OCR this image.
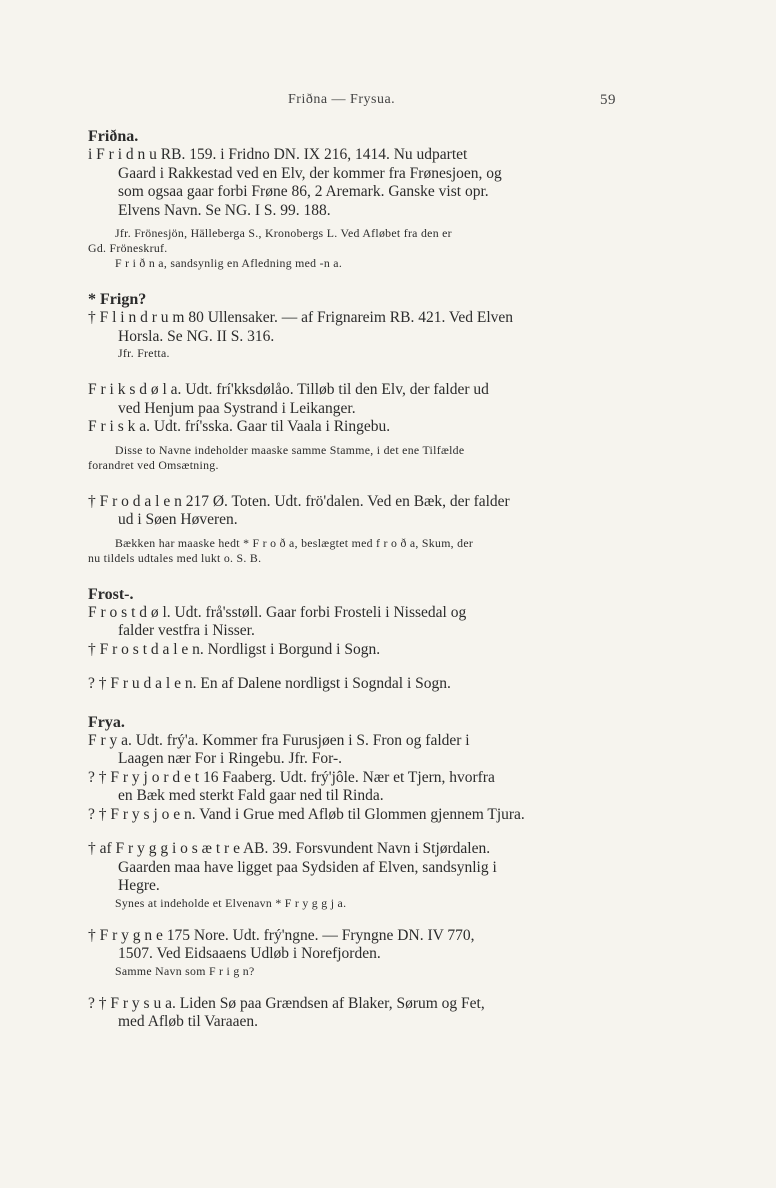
Friðna — Frysua.	59

Friðna.

i F r i d n u RB. 159. i Fridno DN. IX 216, 1414. Nu udpartet

Gaard i Rakkestad ved en Elv, der kommer fra Frønesjoen, og

som ogsaa gaar forbi Frøne 86, 2 Aremark. Ganske vist opr.

Elvens Navn. Se NG. I S. 99. 188.

Jfr. Frönesjön, Hälleberga S., Kronobergs L. Ved Afløbet fra den er

Gd. Fröneskruf.

F r i ð n a, sandsynlig en Afledning med -n a.

* Frign?

† F l i n d r u m 80 Ullensaker. — af Frignareim RB. 421. Ved Elven

Horsla. Se NG. II S. 316.

Jfr. Fretta.

F r i k s d ø l a. Udt. frí'kksdølåo. Tilløb til den Elv, der falder ud

ved Henjum paa Systrand i Leikanger.

F r i s k a. Udt. frí'sska. Gaar til Vaala i Ringebu.

Disse to Navne indeholder maaske samme Stamme, i det ene Tilfælde

forandret ved Omsætning.

† F r o d a l e n 217 Ø. Toten. Udt. frö'dalen. Ved en Bæk, der falder

ud i Søen Høveren.

Bækken har maaske hedt * F r o ð a, beslægtet med f r o ð a, Skum, der

nu tildels udtales med lukt o. S. B.

Frost-.

F r o s t d ø l. Udt. frå'sstøll. Gaar forbi Frosteli i Nissedal og

falder vestfra i Nisser.

† F r o s t d a l e n. Nordligst i Borgund i Sogn.

? † F r u d a l e n. En af Dalene nordligst i Sogndal i Sogn.

Frya.

F r y a. Udt. frý'a. Kommer fra Furusjøen i S. Fron og falder i

Laagen nær For i Ringebu. Jfr. For-.

? † F r y j o r d e t 16 Faaberg. Udt. frý'jôle. Nær et Tjern, hvorfra

en Bæk med sterkt Fald gaar ned til Rinda.

? † F r y s j o e n. Vand i Grue med Afløb til Glommen gjennem Tjura.

† af F r y g g i o s æ t r e AB. 39. Forsvundent Navn i Stjørdalen.

Gaarden maa have ligget paa Sydsiden af Elven, sandsynlig i

Hegre.

Synes at indeholde et Elvenavn * F r y g g j a.

† F r y g n e 175 Nore. Udt. frý'ngne. — Fryngne DN. IV 770,

1507. Ved Eidsaaens Udløb i Norefjorden.

Samme Navn som F r i g n?

? † F r y s u a. Liden Sø paa Grændsen af Blaker, Sørum og Fet,

med Afløb til Varaaen.
